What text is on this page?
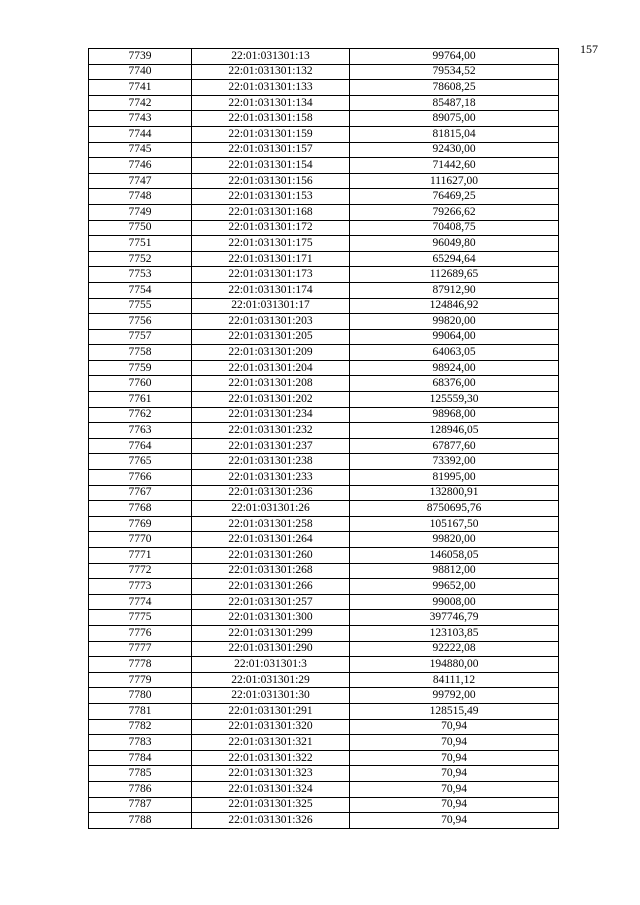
157
7739	22:01:031301:13	99764,00
7740	22:01:031301:132	79534,52
7741	22:01:031301:133	78608,25
7742	22:01:031301:134	85487,18
7743	22:01:031301:158	89075,00
7744	22:01:031301:159	81815,04
7745	22:01:031301:157	92430,00
7746	22:01:031301:154	71442,60
7747	22:01:031301:156	111627,00
7748	22:01:031301:153	76469,25
7749	22:01:031301:168	79266,62
7750	22:01:031301:172	70408,75
7751	22:01:031301:175	96049,80
7752	22:01:031301:171	65294,64
7753	22:01:031301:173	112689,65
7754	22:01:031301:174	87912,90
7755	22:01:031301:17	124846,92
7756	22:01:031301:203	99820,00
7757	22:01:031301:205	99064,00
7758	22:01:031301:209	64063,05
7759	22:01:031301:204	98924,00
7760	22:01:031301:208	68376,00
7761	22:01:031301:202	125559,30
7762	22:01:031301:234	98968,00
7763	22:01:031301:232	128946,05
7764	22:01:031301:237	67877,60
7765	22:01:031301:238	73392,00
7766	22:01:031301:233	81995,00
7767	22:01:031301:236	132800,91
7768	22:01:031301:26	8750695,76
7769	22:01:031301:258	105167,50
7770	22:01:031301:264	99820,00
7771	22:01:031301:260	146058,05
7772	22:01:031301:268	98812,00
7773	22:01:031301:266	99652,00
7774	22:01:031301:257	99008,00
7775	22:01:031301:300	397746,79
7776	22:01:031301:299	123103,85
7777	22:01:031301:290	92222,08
7778	22:01:031301:3	194880,00
7779	22:01:031301:29	84111,12
7780	22:01:031301:30	99792,00
7781	22:01:031301:291	128515,49
7782	22:01:031301:320	70,94
7783	22:01:031301:321	70,94
7784	22:01:031301:322	70,94
7785	22:01:031301:323	70,94
7786	22:01:031301:324	70,94
7787	22:01:031301:325	70,94
7788	22:01:031301:326	70,94
